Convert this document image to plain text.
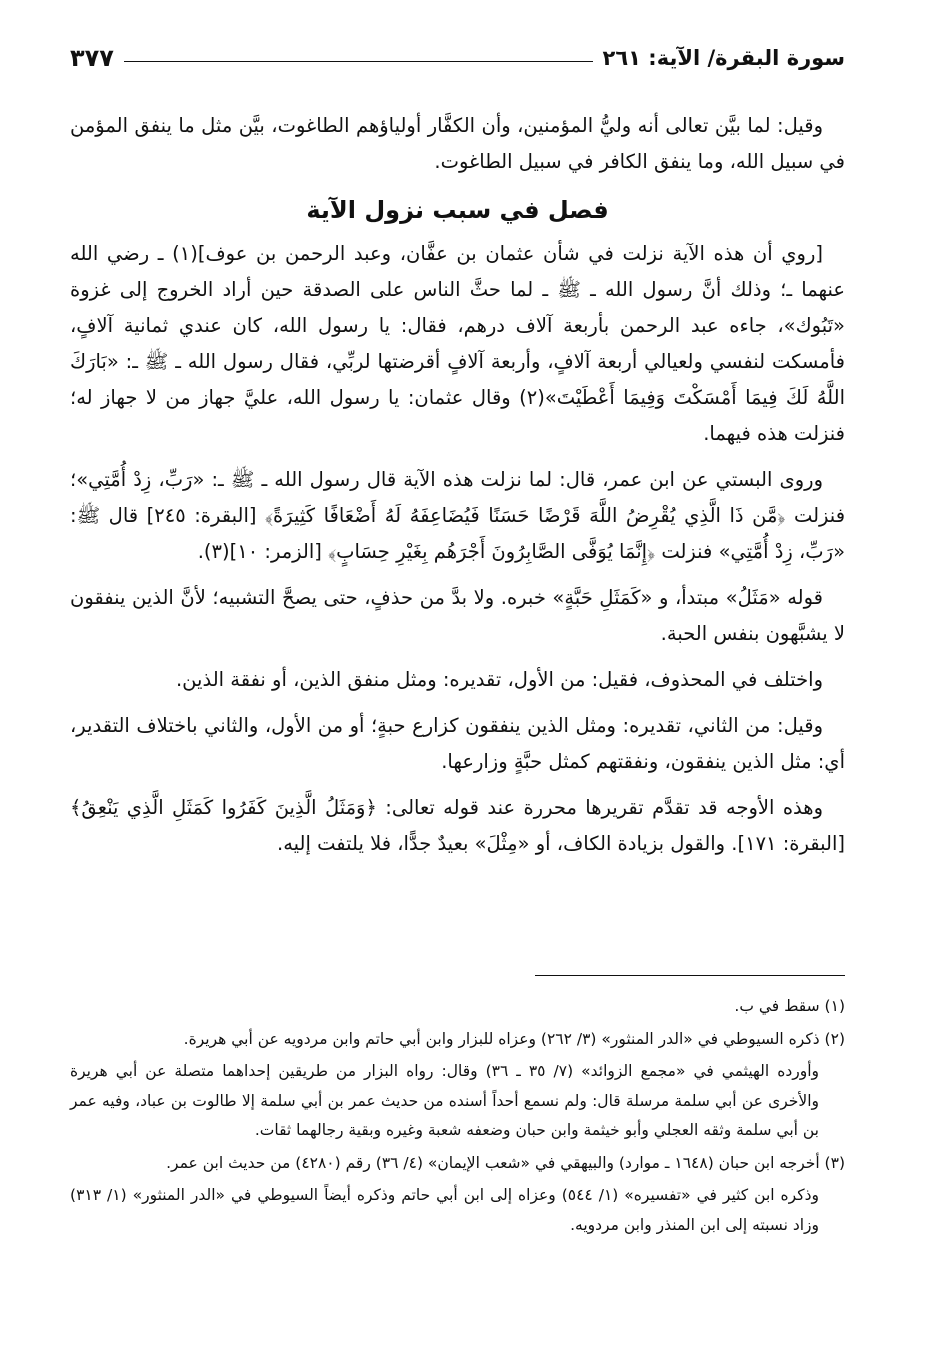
سورة البقرة/ الآية: ٢٦١
٣٧٧

وقيل: لما بيَّن تعالى أنه وليُّ المؤمنين، وأن الكفَّار أولياؤهم الطاغوت، بيَّن مثل ما ينفق المؤمن في سبيل الله، وما ينفق الكافر في سبيل الطاغوت.

فصل في سبب نزول الآية

[روي أن هذه الآية نزلت في شأن عثمان بن عفَّان، وعبد الرحمن بن عوف](١) ـ رضي الله عنهما ـ؛ وذلك أنَّ رسول الله ـ ﷺ ـ لما حثَّ الناس على الصدقة حين أراد الخروج إلى غزوة «تَبُوك»، جاءه عبد الرحمن بأربعة آلاف درهم، فقال: يا رسول الله، كان عندي ثمانية آلافٍ، فأمسكت لنفسي ولعيالي أربعة آلافٍ، وأربعة آلافٍ أقرضتها لربِّي، فقال رسول الله ـ ﷺ ـ: «بَارَكَ اللَّهُ لَكَ فِيمَا أَمْسَكْتَ وَفِيمَا أَعْطَيْتَ»(٢) وقال عثمان: يا رسول الله، عليَّ جهاز من لا جهاز له؛ فنزلت هذه فيهما.

وروى البستي عن ابن عمر، قال: لما نزلت هذه الآية قال رسول الله ـ ﷺ ـ: «رَبِّ، زِدْ أُمَّتِي»؛ فنزلت ﴿مَّن ذَا الَّذِي يُقْرِضُ اللَّهَ قَرْضًا حَسَنًا فَيُضَاعِفَهُ لَهُ أَضْعَافًا كَثِيرَةً﴾ [البقرة: ٢٤٥] قال ﷺ: «رَبِّ، زِدْ أُمَّتِي» فنزلت ﴿إِنَّمَا يُوَفَّى الصَّابِرُونَ أَجْرَهُم بِغَيْرِ حِسَابٍ﴾ [الزمر: ١٠](٣).

قوله «مَثَلُ» مبتدأ، و «كَمَثَلِ حَبَّةٍ» خبره. ولا بدَّ من حذفٍ، حتى يصحَّ التشبيه؛ لأنَّ الذين ينفقون لا يشبَّهون بنفس الحبة.

واختلف في المحذوف، فقيل: من الأول، تقديره: ومثل منفق الذين، أو نفقة الذين.

وقيل: من الثاني، تقديره: ومثل الذين ينفقون كزارع حبةٍ؛ أو من الأول، والثاني باختلاف التقدير، أي: مثل الذين ينفقون، ونفقتهم كمثل حبَّةٍ وزارعها.

وهذه الأوجه قد تقدَّم تقريرها محررة عند قوله تعالى: ﴿وَمَثَلُ الَّذِينَ كَفَرُوا كَمَثَلِ الَّذِي يَنْعِقُ﴾ [البقرة: ١٧١]. والقول بزيادة الكاف، أو «مِثْلَ» بعيدٌ جدًّا، فلا يلتفت إليه.

(١) سقط في ب.

(٢) ذكره السيوطي في «الدر المنثور» (٣/ ٢٦٢) وعزاه للبزار وابن أبي حاتم وابن مردويه عن أبي هريرة.

وأورده الهيثمي في «مجمع الزوائد» (٧/ ٣٥ ـ ٣٦) وقال: رواه البزار من طريقين إحداهما متصلة عن أبي هريرة والأخرى عن أبي سلمة مرسلة قال: ولم نسمع أحداً أسنده من حديث عمر بن أبي سلمة إلا طالوت بن عباد، وفيه عمر بن أبي سلمة وثقه العجلي وأبو خيثمة وابن حبان وضعفه شعبة وغيره وبقية رجالهما ثقات.

(٣) أخرجه ابن حبان (١٦٤٨ ـ موارد) والبيهقي في «شعب الإيمان» (٤/ ٣٦) رقم (٤٢٨٠) من حديث ابن عمر.

وذكره ابن كثير في «تفسيره» (١/ ٥٤٤) وعزاه إلى ابن أبي حاتم وذكره أيضاً السيوطي في «الدر المنثور» (١/ ٣١٣) وزاد نسبته إلى ابن المنذر وابن مردويه.
